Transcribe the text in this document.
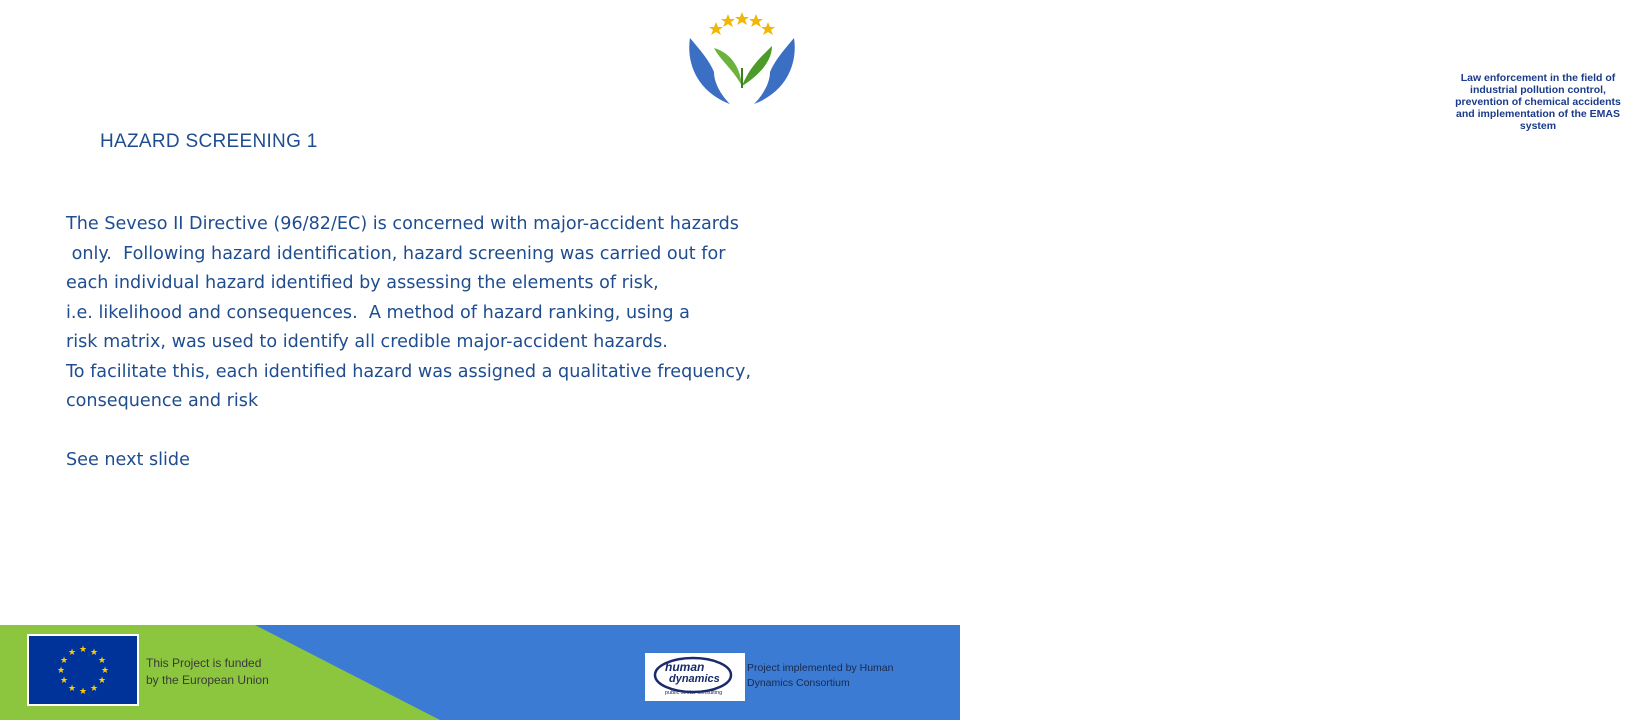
Law enforcement in the field of
industrial pollution control,
prevention of chemical accidents
and implementation of the EMAS system
HAZARD SCREENING 1
The Seveso II Directive (96/82/EC) is concerned with major-accident hazards
only.  Following hazard identification, hazard screening was carried out for
each individual hazard identified by assessing the elements of risk,
i.e. likelihood and consequences.  A method of hazard ranking, using a
risk matrix, was used to identify all credible major-accident hazards.
To facilitate this, each identified hazard was assigned a qualitative frequency,
consequence and risk
See next slide
★ ★
★
★
★
★
★
★
★
★
★
★
This Project is funded
by the European Union
human
dynamics
public sector consulting
Project implemented by Human
Dynamics Consortium
